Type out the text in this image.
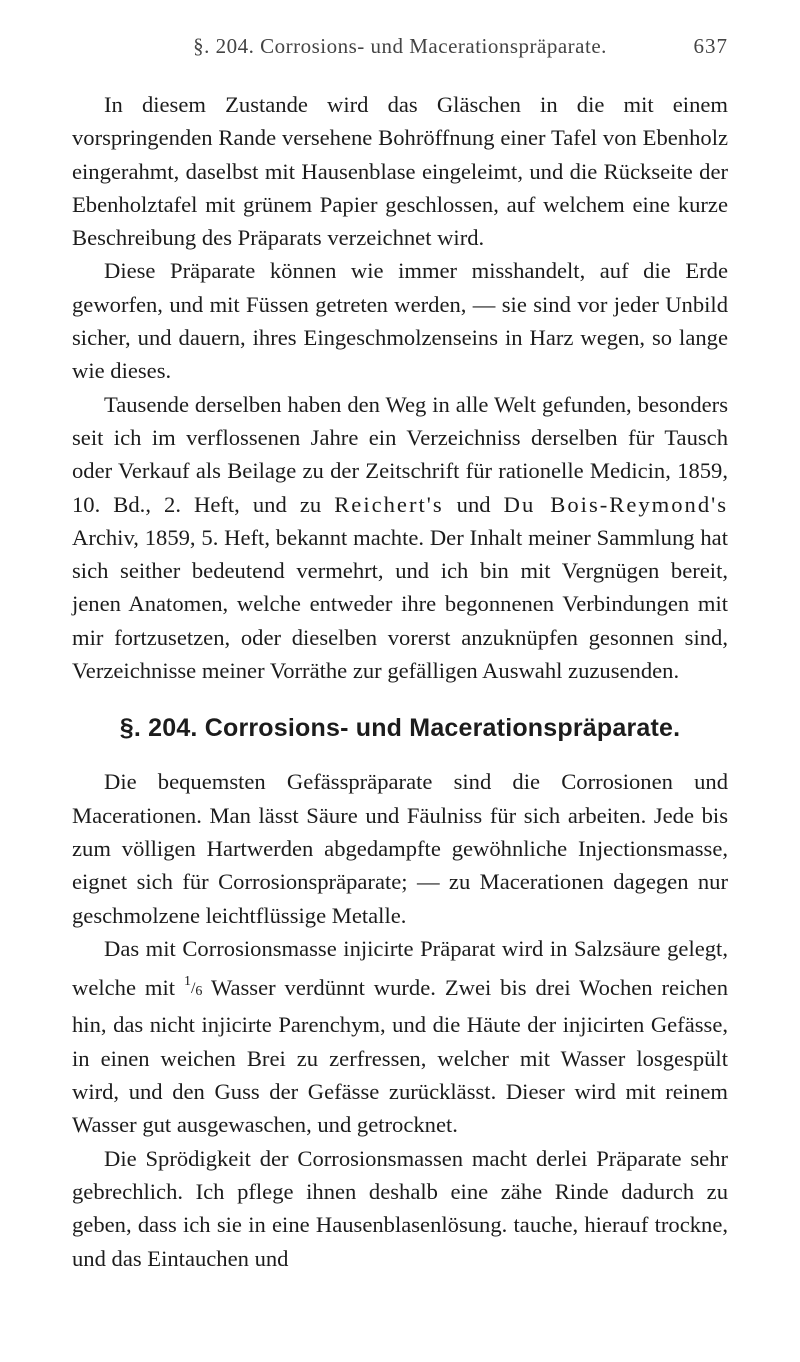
§. 204. Corrosions- und Macerationspräparate.	637

In diesem Zustande wird das Gläschen in die mit einem vorspringenden Rande versehene Bohröffnung einer Tafel von Ebenholz eingerahmt, daselbst mit Hausenblase eingeleimt, und die Rückseite der Ebenholztafel mit grünem Papier geschlossen, auf welchem eine kurze Beschreibung des Präparats verzeichnet wird.

Diese Präparate können wie immer misshandelt, auf die Erde geworfen, und mit Füssen getreten werden, — sie sind vor jeder Unbild sicher, und dauern, ihres Eingeschmolzenseins in Harz wegen, so lange wie dieses.

Tausende derselben haben den Weg in alle Welt gefunden, besonders seit ich im verflossenen Jahre ein Verzeichniss derselben für Tausch oder Verkauf als Beilage zu der Zeitschrift für rationelle Medicin, 1859, 10. Bd., 2. Heft, und zu Reichert's und Du Bois-Reymond's Archiv, 1859, 5. Heft, bekannt machte. Der Inhalt meiner Sammlung hat sich seither bedeutend vermehrt, und ich bin mit Vergnügen bereit, jenen Anatomen, welche entweder ihre begonnenen Verbindungen mit mir fortzusetzen, oder dieselben vorerst anzuknüpfen gesonnen sind, Verzeichnisse meiner Vorräthe zur gefälligen Auswahl zuzusenden.

§. 204. Corrosions- und Macerationspräparate.

Die bequemsten Gefässpräparate sind die Corrosionen und Macerationen. Man lässt Säure und Fäulniss für sich arbeiten. Jede bis zum völligen Hartwerden abgedampfte gewöhnliche Injectionsmasse, eignet sich für Corrosionspräparate; — zu Macerationen dagegen nur geschmolzene leichtflüssige Metalle.

Das mit Corrosionsmasse injicirte Präparat wird in Salzsäure gelegt, welche mit $^1/_6$ Wasser verdünnt wurde. Zwei bis drei Wochen reichen hin, das nicht injicirte Parenchym, und die Häute der injicirten Gefässe, in einen weichen Brei zu zerfressen, welcher mit Wasser losgespült wird, und den Guss der Gefässe zurücklässt. Dieser wird mit reinem Wasser gut ausgewaschen, und getrocknet.

Die Sprödigkeit der Corrosionsmassen macht derlei Präparate sehr gebrechlich. Ich pflege ihnen deshalb eine zähe Rinde dadurch zu geben, dass ich sie in eine Hausenblasenlösung. tauche, hierauf trockne, und das Eintauchen und
